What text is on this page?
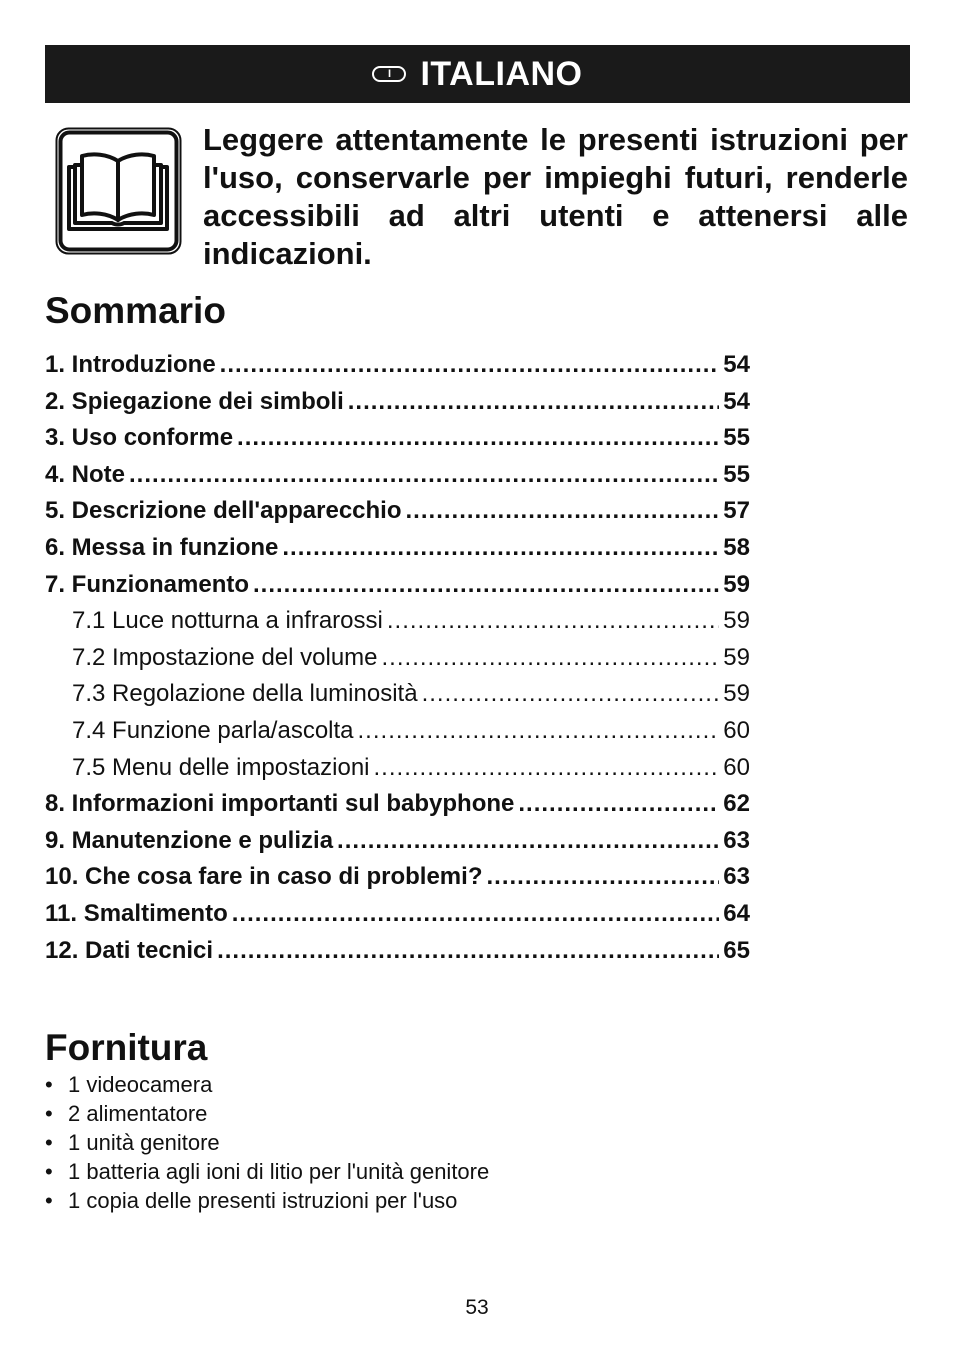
I ITALIANO

Leggere attentamente le presenti istruzioni per l'uso, conservarle per impieghi futuri, renderle accessibili ad altri utenti e attenersi alle indicazioni.

Sommario
1. Introduzione .....	54
2. Spiegazione dei simboli .....	54
3. Uso conforme .....	55
4. Note .....	55
5. Descrizione dell'apparecchio .....	57
6. Messa in funzione .....	58
7. Funzionamento .....	59
7.1 Luce notturna a infrarossi .....	59
7.2 Impostazione del volume .....	59
7.3 Regolazione della luminosità .....	59
7.4 Funzione parla/ascolta .....	60
7.5 Menu delle impostazioni .....	60
8. Informazioni importanti sul babyphone .....	62
9. Manutenzione e pulizia .....	63
10. Che cosa fare in caso di problemi? .....	63
11. Smaltimento .....	64
12. Dati tecnici .....	65
Fornitura
• 1 videocamera
• 2 alimentatore
• 1 unità genitore
• 1 batteria agli ioni di litio per l'unità genitore
• 1 copia delle presenti istruzioni per l'uso
53
